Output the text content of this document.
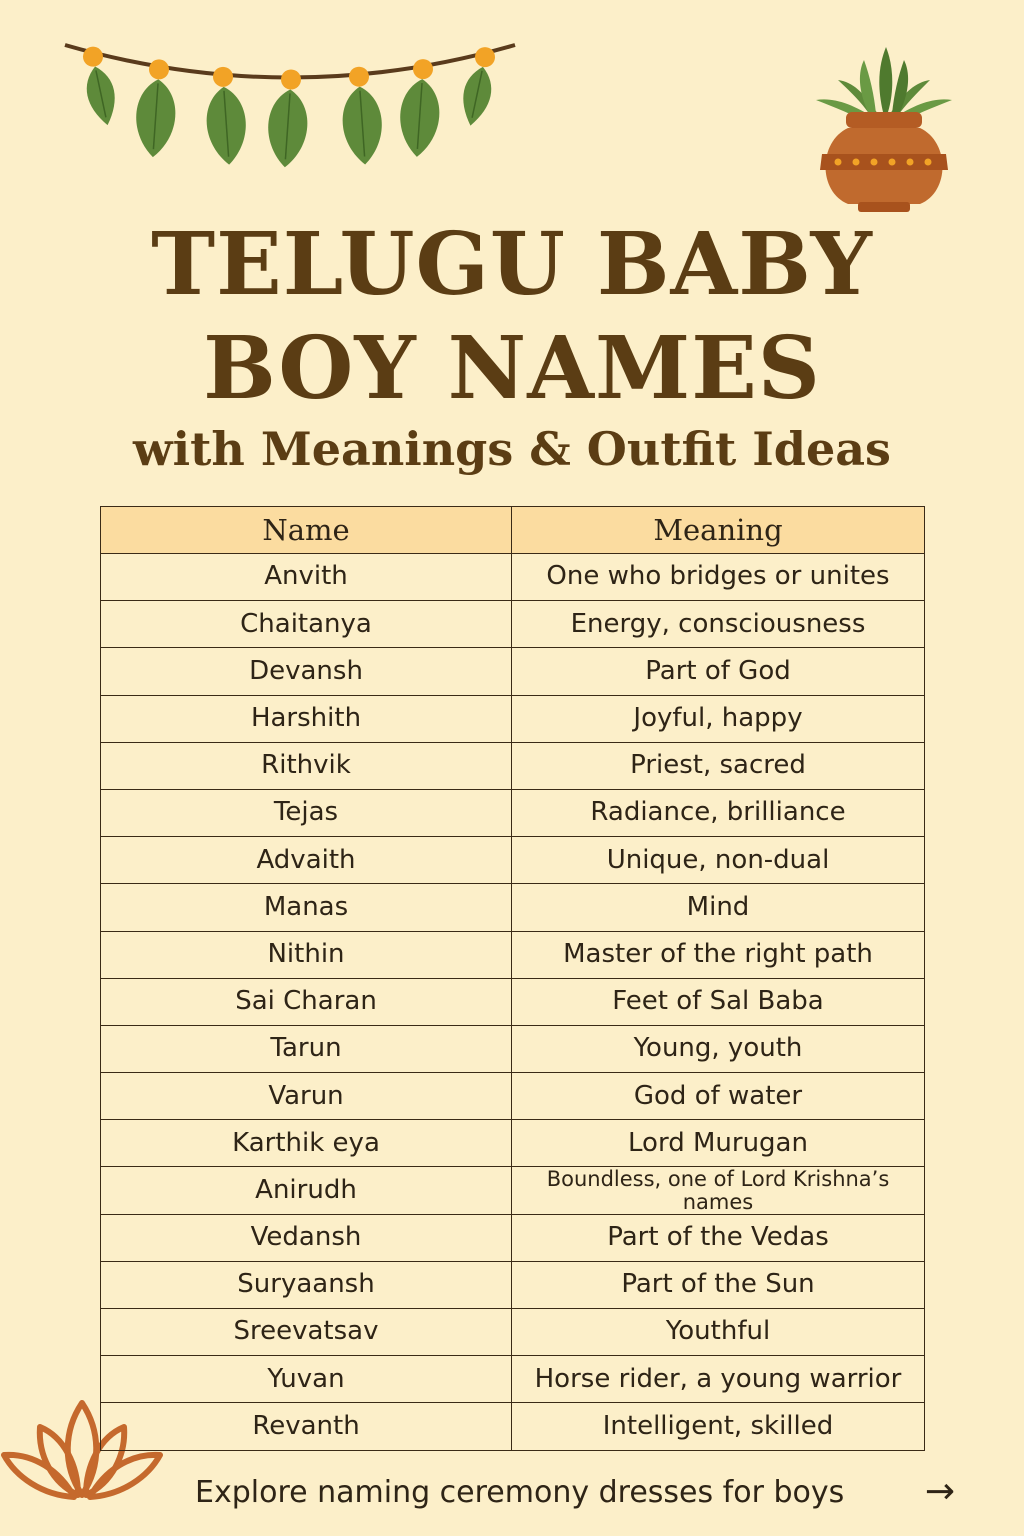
TELUGU BABY
BOY NAMES
with Meanings & Outfit Ideas
Name	Meaning
Anvith	One who bridges or unites
Chaitanya	Energy, consciousness
Devansh	Part of God
Harshith	Joyful, happy
Rithvik	Priest, sacred
Tejas	Radiance, brilliance
Advaith	Unique, non-dual
Manas	Mind
Nithin	Master of the right path
Sai Charan	Feet of Sal Baba
Tarun	Young, youth
Varun	God of water
Karthik eya	Lord Murugan
Anirudh	Boundless, one of Lord Krishna’s names
Vedansh	Part of the Vedas
Suryaansh	Part of the Sun
Sreevatsav	Youthful
Yuvan	Horse rider, a young warrior
Revanth	Intelligent, skilled
Explore naming ceremony dresses for boys →
